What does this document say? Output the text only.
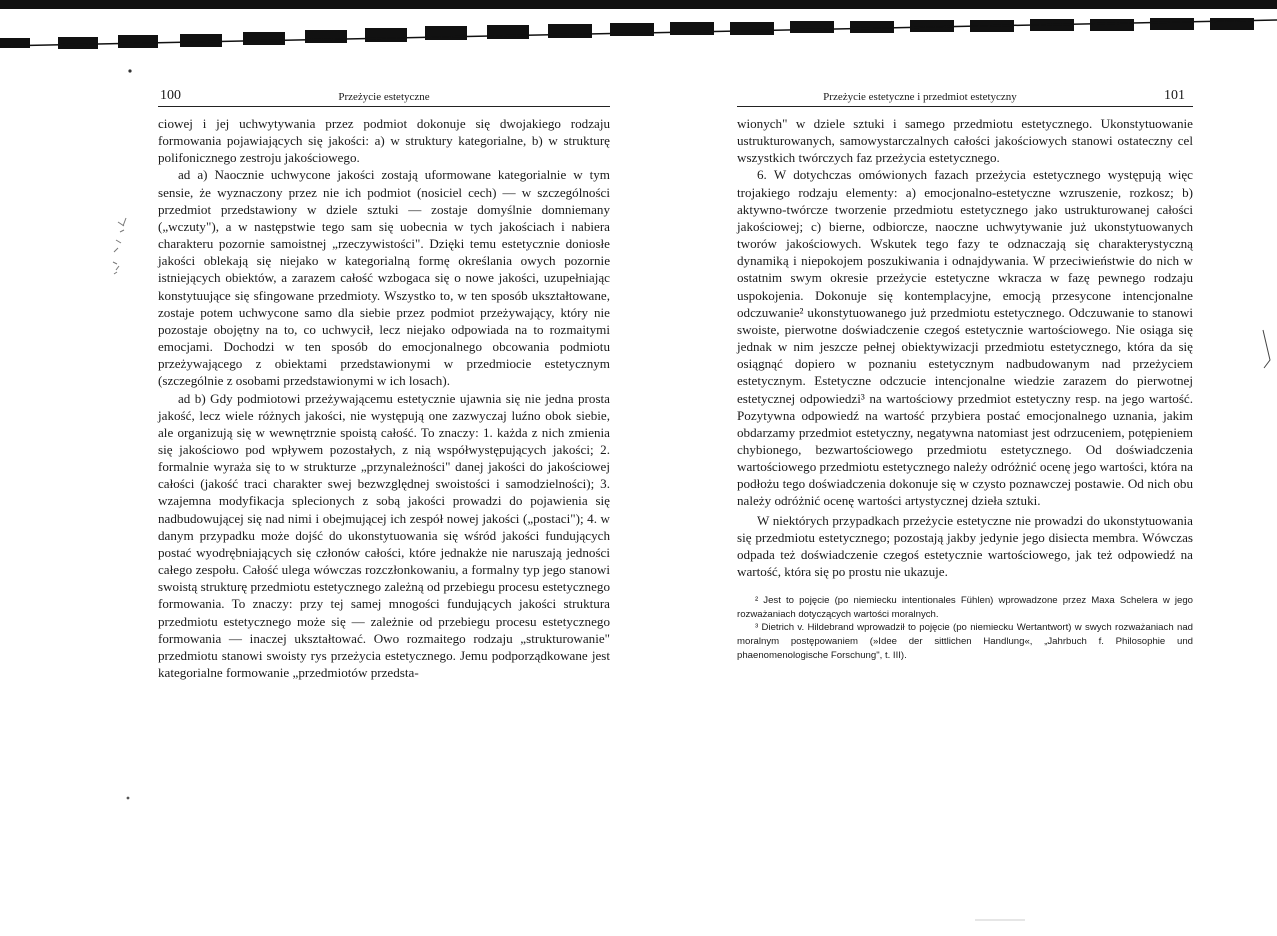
100	Przeżycie estetyczne

ciowej i jej uchwytywania przez podmiot dokonuje się dwojakiego rodzaju formowania pojawiających się jakości: a) w struktury kategorialne, b) w strukturę polifonicznego zestroju jakościowego.

ad a) Naocznie uchwycone jakości zostają uformowane kategorialnie w tym sensie, że wyznaczony przez nie ich podmiot (nosiciel cech) — w szczególności przedmiot przedstawiony w dziele sztuki — zostaje domyślnie domniemany („wczuty"), a w następstwie tego sam się uobecnia w tych jakościach i nabiera charakteru pozornie samoistnej „rzeczywistości". Dzięki temu estetycznie doniosłe jakości oblekają się niejako w kategorialną formę określania owych pozornie istniejących obiektów, a zarazem całość wzbogaca się o nowe jakości, uzupełniając konstytuujące się sfingowane przedmioty. Wszystko to, w ten sposób ukształtowane, zostaje potem uchwycone samo dla siebie przez podmiot przeżywający, który nie pozostaje obojętny na to, co uchwycił, lecz niejako odpowiada na to rozmaitymi emocjami. Dochodzi w ten sposób do emocjonalnego obcowania podmiotu przeżywającego z obiektami przedstawionymi w przedmiocie estetycznym (szczególnie z osobami przedstawionymi w ich losach).

ad b) Gdy podmiotowi przeżywającemu estetycznie ujawnia się nie jedna prosta jakość, lecz wiele różnych jakości, nie występują one zazwyczaj luźno obok siebie, ale organizują się w wewnętrznie spoistą całość. To znaczy: 1. każda z nich zmienia się jakościowo pod wpływem pozostałych, z nią współwystępujących jakości; 2. formalnie wyraża się to w strukturze „przynależności" danej jakości do jakościowej całości (jakość traci charakter swej bezwzględnej swoistości i samodzielności); 3. wzajemna modyfikacja splecionych z sobą jakości prowadzi do pojawienia się nadbudowującej się nad nimi i obejmującej ich zespół nowej jakości („postaci"); 4. w danym przypadku może dojść do ukonstytuowania się wśród jakości fundujących postać wyodrębniających się członów całości, które jednakże nie naruszają jedności całego zespołu. Całość ulega wówczas rozczłonkowaniu, a formalny typ jego stanowi swoistą strukturę przedmiotu estetycznego zależną od przebiegu procesu estetycznego formowania. To znaczy: przy tej samej mnogości fundujących jakości struktura przedmiotu estetycznego może się — zależnie od przebiegu procesu estetycznego formowania — inaczej ukształtować. Owo rozmaitego rodzaju „strukturowanie" przedmiotu stanowi swoisty rys przeżycia estetycznego. Jemu podporządkowane jest kategorialne formowanie „przedmiotów przedsta-

Przeżycie estetyczne i przedmiot estetyczny	101

wionych" w dziele sztuki i samego przedmiotu estetycznego. Ukonstytuowanie ustrukturowanych, samowystarczalnych całości jakościowych stanowi ostateczny cel wszystkich twórczych faz przeżycia estetycznego.

6. W dotychczas omówionych fazach przeżycia estetycznego występują więc trojakiego rodzaju elementy: a) emocjonalno-estetyczne wzruszenie, rozkosz; b) aktywno-twórcze tworzenie przedmiotu estetycznego jako ustrukturowanej całości jakościowej; c) bierne, odbiorcze, naoczne uchwytywanie już ukonstytuowanych tworów jakościowych. Wskutek tego fazy te odznaczają się charakterystyczną dynamiką i niepokojem poszukiwania i odnajdywania. W przeciwieństwie do nich w ostatnim swym okresie przeżycie estetyczne wkracza w fazę pewnego rodzaju uspokojenia. Dokonuje się kontemplacyjne, emocją przesycone intencjonalne odczuwanie² ukonstytuowanego już przedmiotu estetycznego. Odczuwanie to stanowi swoiste, pierwotne doświadczenie czegoś estetycznie wartościowego. Nie osiąga się jednak w nim jeszcze pełnej obiektywizacji przedmiotu estetycznego, która da się osiągnąć dopiero w poznaniu estetycznym nadbudowanym nad przeżyciem estetycznym. Estetyczne odczucie intencjonalne wiedzie zarazem do pierwotnej estetycznej odpowiedzi³ na wartościowy przedmiot estetyczny resp. na jego wartość. Pozytywna odpowiedź na wartość przybiera postać emocjonalnego uznania, jakim obdarzamy przedmiot estetyczny, negatywna natomiast jest odrzuceniem, potępieniem chybionego, bezwartościowego przedmiotu estetycznego. Od doświadczenia wartościowego przedmiotu estetycznego należy odróżnić ocenę jego wartości, która na podłożu tego doświadczenia dokonuje się w czysto poznawczej postawie. Od nich obu należy odróżnić ocenę wartości artystycznej dzieła sztuki.

W niektórych przypadkach przeżycie estetyczne nie prowadzi do ukonstytuowania się przedmiotu estetycznego; pozostają jakby jedynie jego disiecta membra. Wówczas odpada też doświadczenie czegoś estetycznie wartościowego, jak też odpowiedź na wartość, która się po prostu nie ukazuje.

² Jest to pojęcie (po niemiecku intentionales Fühlen) wprowadzone przez Maxa Schelera w jego rozważaniach dotyczących wartości moralnych.

³ Dietrich v. Hildebrand wprowadził to pojęcie (po niemiecku Wertantwort) w swych rozważaniach nad moralnym postępowaniem (»Idee der sittlichen Handlung«, „Jahrbuch f. Philosophie und phaenomenologische Forschung", t. III).
